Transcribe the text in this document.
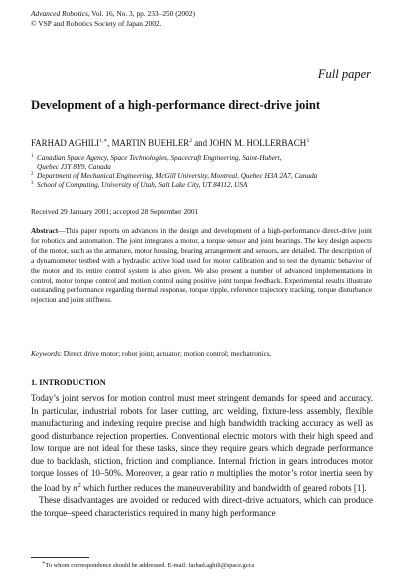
Advanced Robotics, Vol. 16, No. 3, pp. 233–250 (2002)
© VSP and Robotics Society of Japan 2002.
Full paper
Development of a high-performance direct-drive joint
FARHAD $AGHILI^{1,∗}$, MARTIN BUEHLER$^2$ and JOHN M. HOLLERBACH$^3$
1 Canadian Space Agency, Space Technologies, Spacecraft Engineering, Saint-Hubert,
Quebec J3Y 8Y9, Canada
2 Department of Mechanical Engineering, McGill University, Montreal, Quebec H3A 2A7, Canada
3 School of Computing, University of Utah, Salt Lake City, UT 84112, USA
Received 29 January 2001; accepted 28 September 2001
Abstract—This paper reports on advances in the design and development of a high-performance direct-drive joint for robotics and automation. The joint integrates a motor, a torque sensor and joint bearings. The key design aspects of the motor, such as the armature, motor housing, bearing arrangement and sensors, are detailed. The description of a dynamometer testbed with a hydraulic active load used for motor calibration and to test the dynamic behavior of the motor and its entire control system is also given. We also present a number of advanced implementations in control, motor torque control and motion control using positive joint torque feedback. Experimental results illustrate outstanding performance regarding thermal response, torque ripple, reference trajectory tracking, torque disturbance rejection and joint stiffness.
Keywords: Direct drive motor; robot joint; actuator; motion control; mechatronics.
1. INTRODUCTION

Today’s joint servos for motion control must meet stringent demands for speed and accuracy. In particular, industrial robots for laser cutting, arc welding, fixture-less assembly, flexible manufacturing and indexing require precise and high bandwidth tracking accuracy as well as good disturbance rejection properties. Conventional electric motors with their high speed and low torque are not ideal for these tasks, since they require gears which degrade performance due to backlash, stiction, friction and compliance. Internal friction in gears introduces motor torque losses of 10–50%. Moreover, a gear ratio n multiplies the motor’s rotor inertia seen by the load by $n^2$ which further reduces the maneuverability and bandwidth of geared robots [1].

These disadvantages are avoided or reduced with direct-drive actuators, which can produce the torque–speed characteristics required in many high performance

∗To whom correspondence should be addressed. E-mail: farhad.aghili@space.gcca
